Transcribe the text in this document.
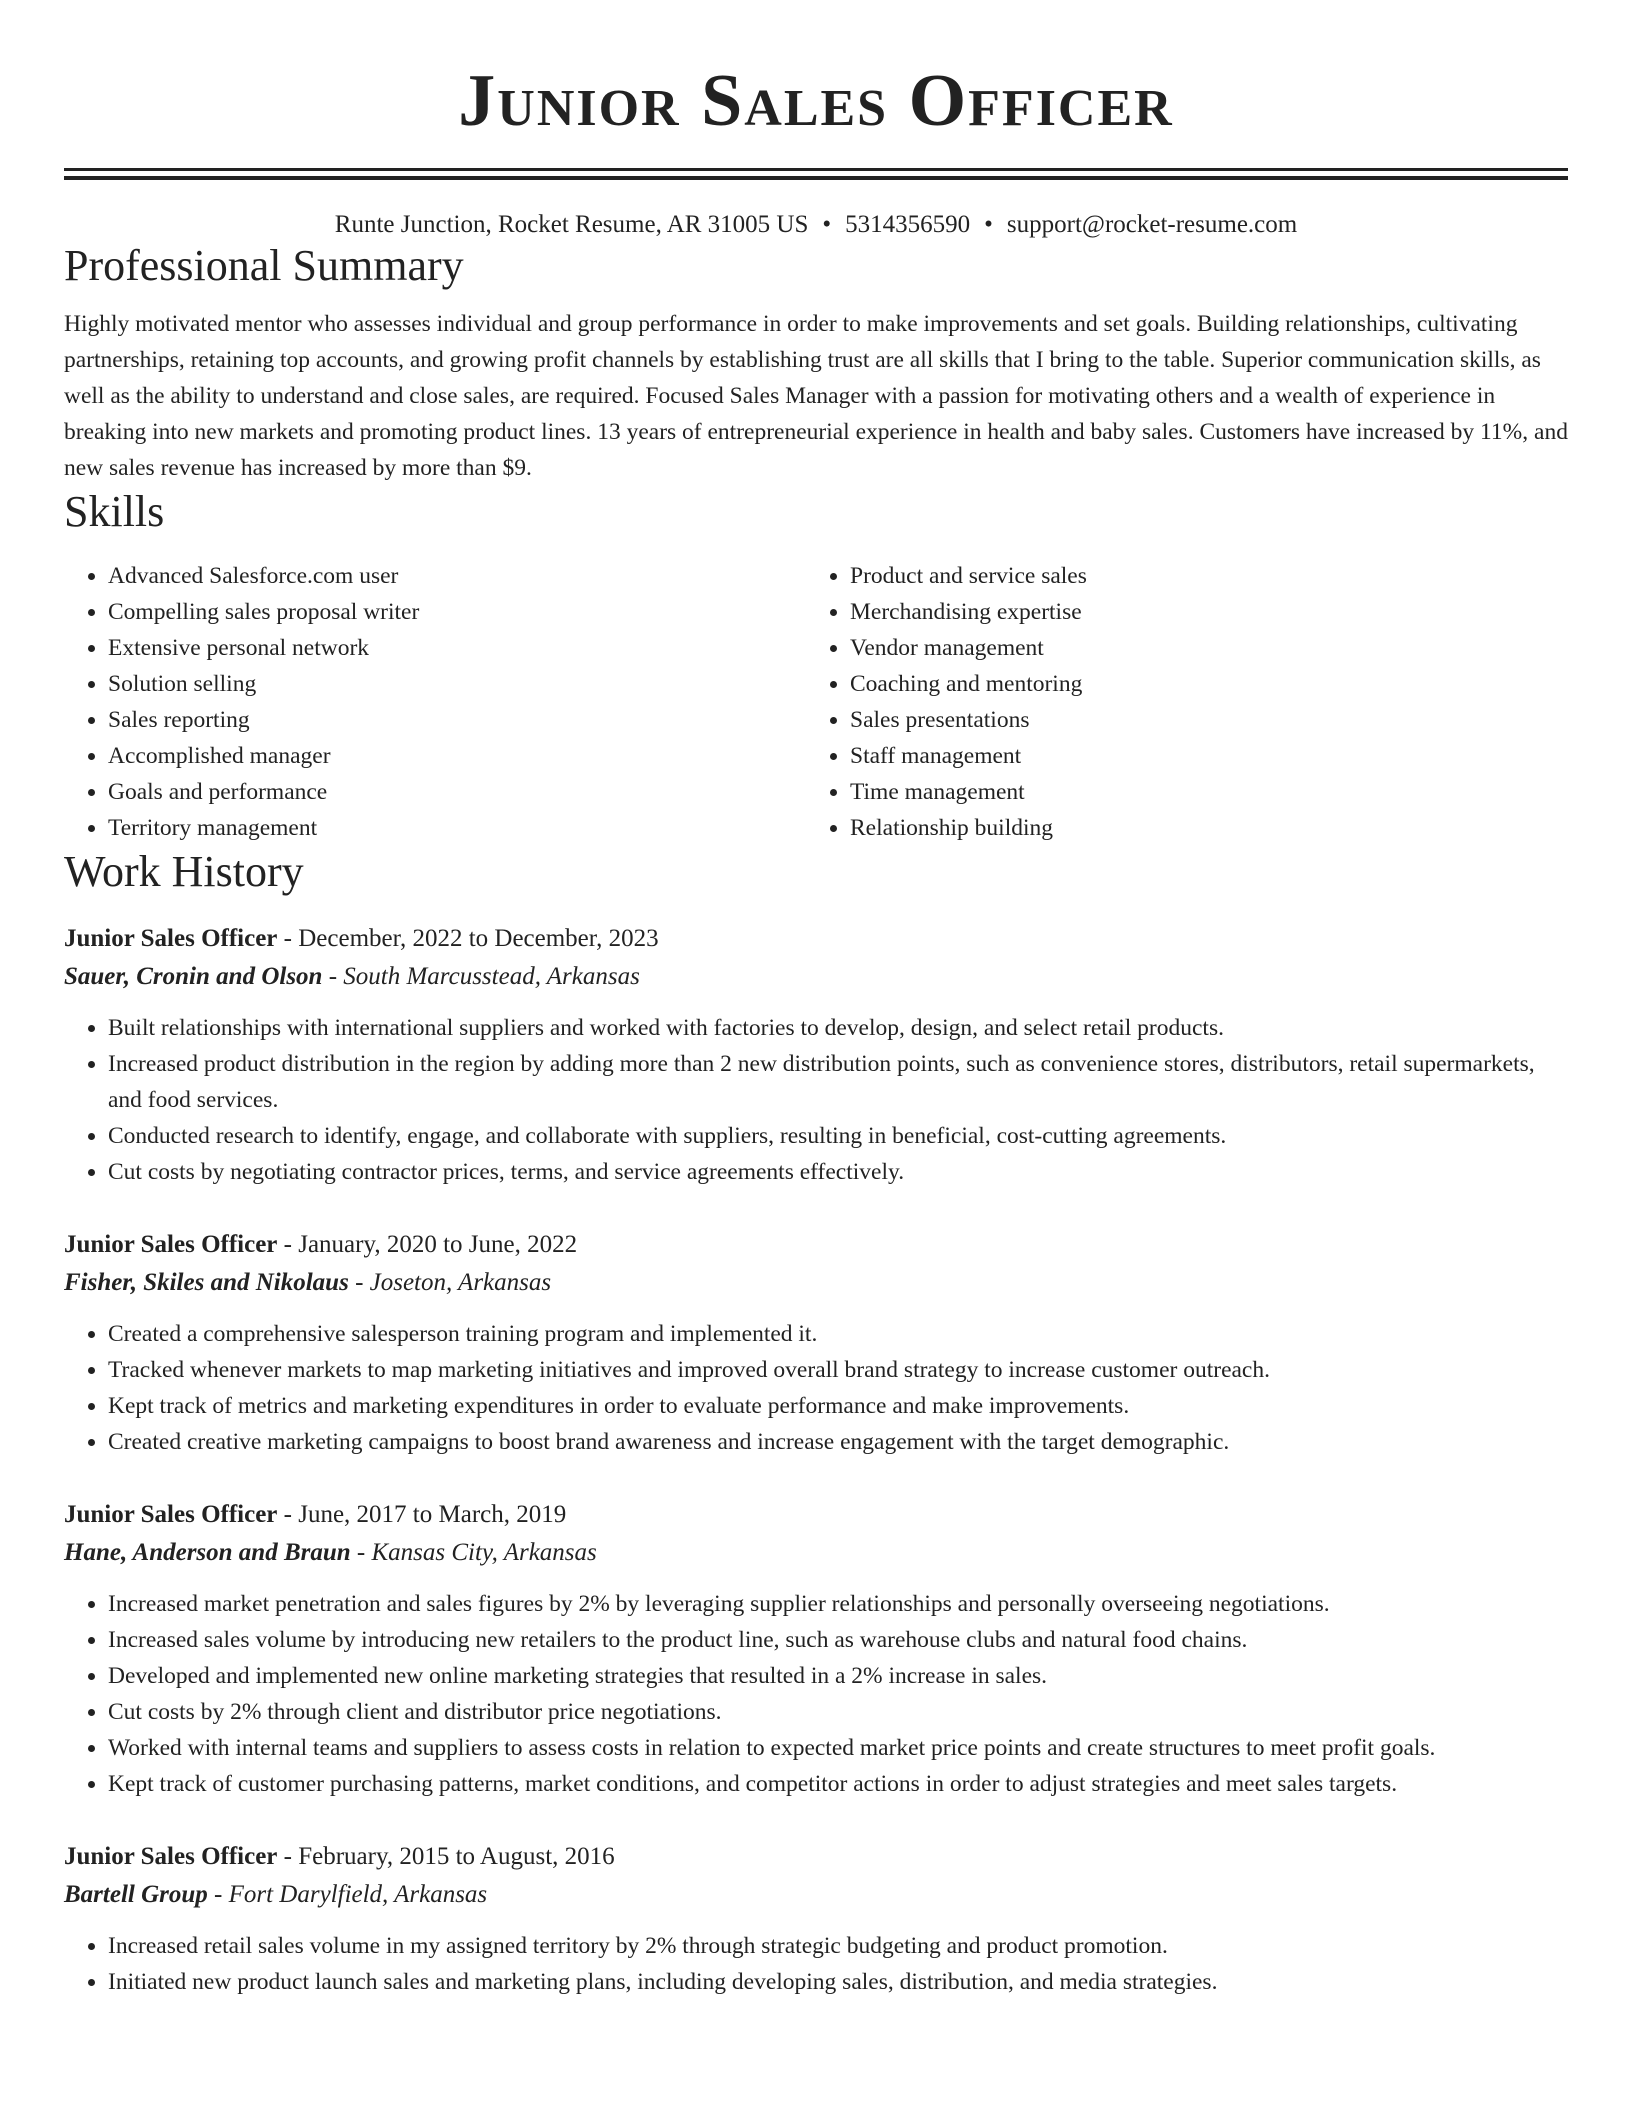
Junior Sales Officer
Runte Junction, Rocket Resume, AR 31005 US • 5314356590 • support@rocket-resume.com
Professional Summary
Highly motivated mentor who assesses individual and group performance in order to make improvements and set goals. Building relationships, cultivating partnerships, retaining top accounts, and growing profit channels by establishing trust are all skills that I bring to the table. Superior communication skills, as well as the ability to understand and close sales, are required. Focused Sales Manager with a passion for motivating others and a wealth of experience in breaking into new markets and promoting product lines. 13 years of entrepreneurial experience in health and baby sales. Customers have increased by 11%, and new sales revenue has increased by more than $9.
Skills
• Advanced Salesforce.com user
• Compelling sales proposal writer
• Extensive personal network
• Solution selling
• Sales reporting
• Accomplished manager
• Goals and performance
• Territory management
• Product and service sales
• Merchandising expertise
• Vendor management
• Coaching and mentoring
• Sales presentations
• Staff management
• Time management
• Relationship building
Work History
Junior Sales Officer - December, 2022 to December, 2023
Sauer, Cronin and Olson - South Marcusstead, Arkansas
• Built relationships with international suppliers and worked with factories to develop, design, and select retail products.
• Increased product distribution in the region by adding more than 2 new distribution points, such as convenience stores, distributors, retail supermarkets, and food services.
• Conducted research to identify, engage, and collaborate with suppliers, resulting in beneficial, cost-cutting agreements.
• Cut costs by negotiating contractor prices, terms, and service agreements effectively.
Junior Sales Officer - January, 2020 to June, 2022
Fisher, Skiles and Nikolaus - Joseton, Arkansas
• Created a comprehensive salesperson training program and implemented it.
• Tracked whenever markets to map marketing initiatives and improved overall brand strategy to increase customer outreach.
• Kept track of metrics and marketing expenditures in order to evaluate performance and make improvements.
• Created creative marketing campaigns to boost brand awareness and increase engagement with the target demographic.
Junior Sales Officer - June, 2017 to March, 2019
Hane, Anderson and Braun - Kansas City, Arkansas
• Increased market penetration and sales figures by 2% by leveraging supplier relationships and personally overseeing negotiations.
• Increased sales volume by introducing new retailers to the product line, such as warehouse clubs and natural food chains.
• Developed and implemented new online marketing strategies that resulted in a 2% increase in sales.
• Cut costs by 2% through client and distributor price negotiations.
• Worked with internal teams and suppliers to assess costs in relation to expected market price points and create structures to meet profit goals.
• Kept track of customer purchasing patterns, market conditions, and competitor actions in order to adjust strategies and meet sales targets.
Junior Sales Officer - February, 2015 to August, 2016
Bartell Group - Fort Darylfield, Arkansas
• Increased retail sales volume in my assigned territory by 2% through strategic budgeting and product promotion.
• Initiated new product launch sales and marketing plans, including developing sales, distribution, and media strategies.
